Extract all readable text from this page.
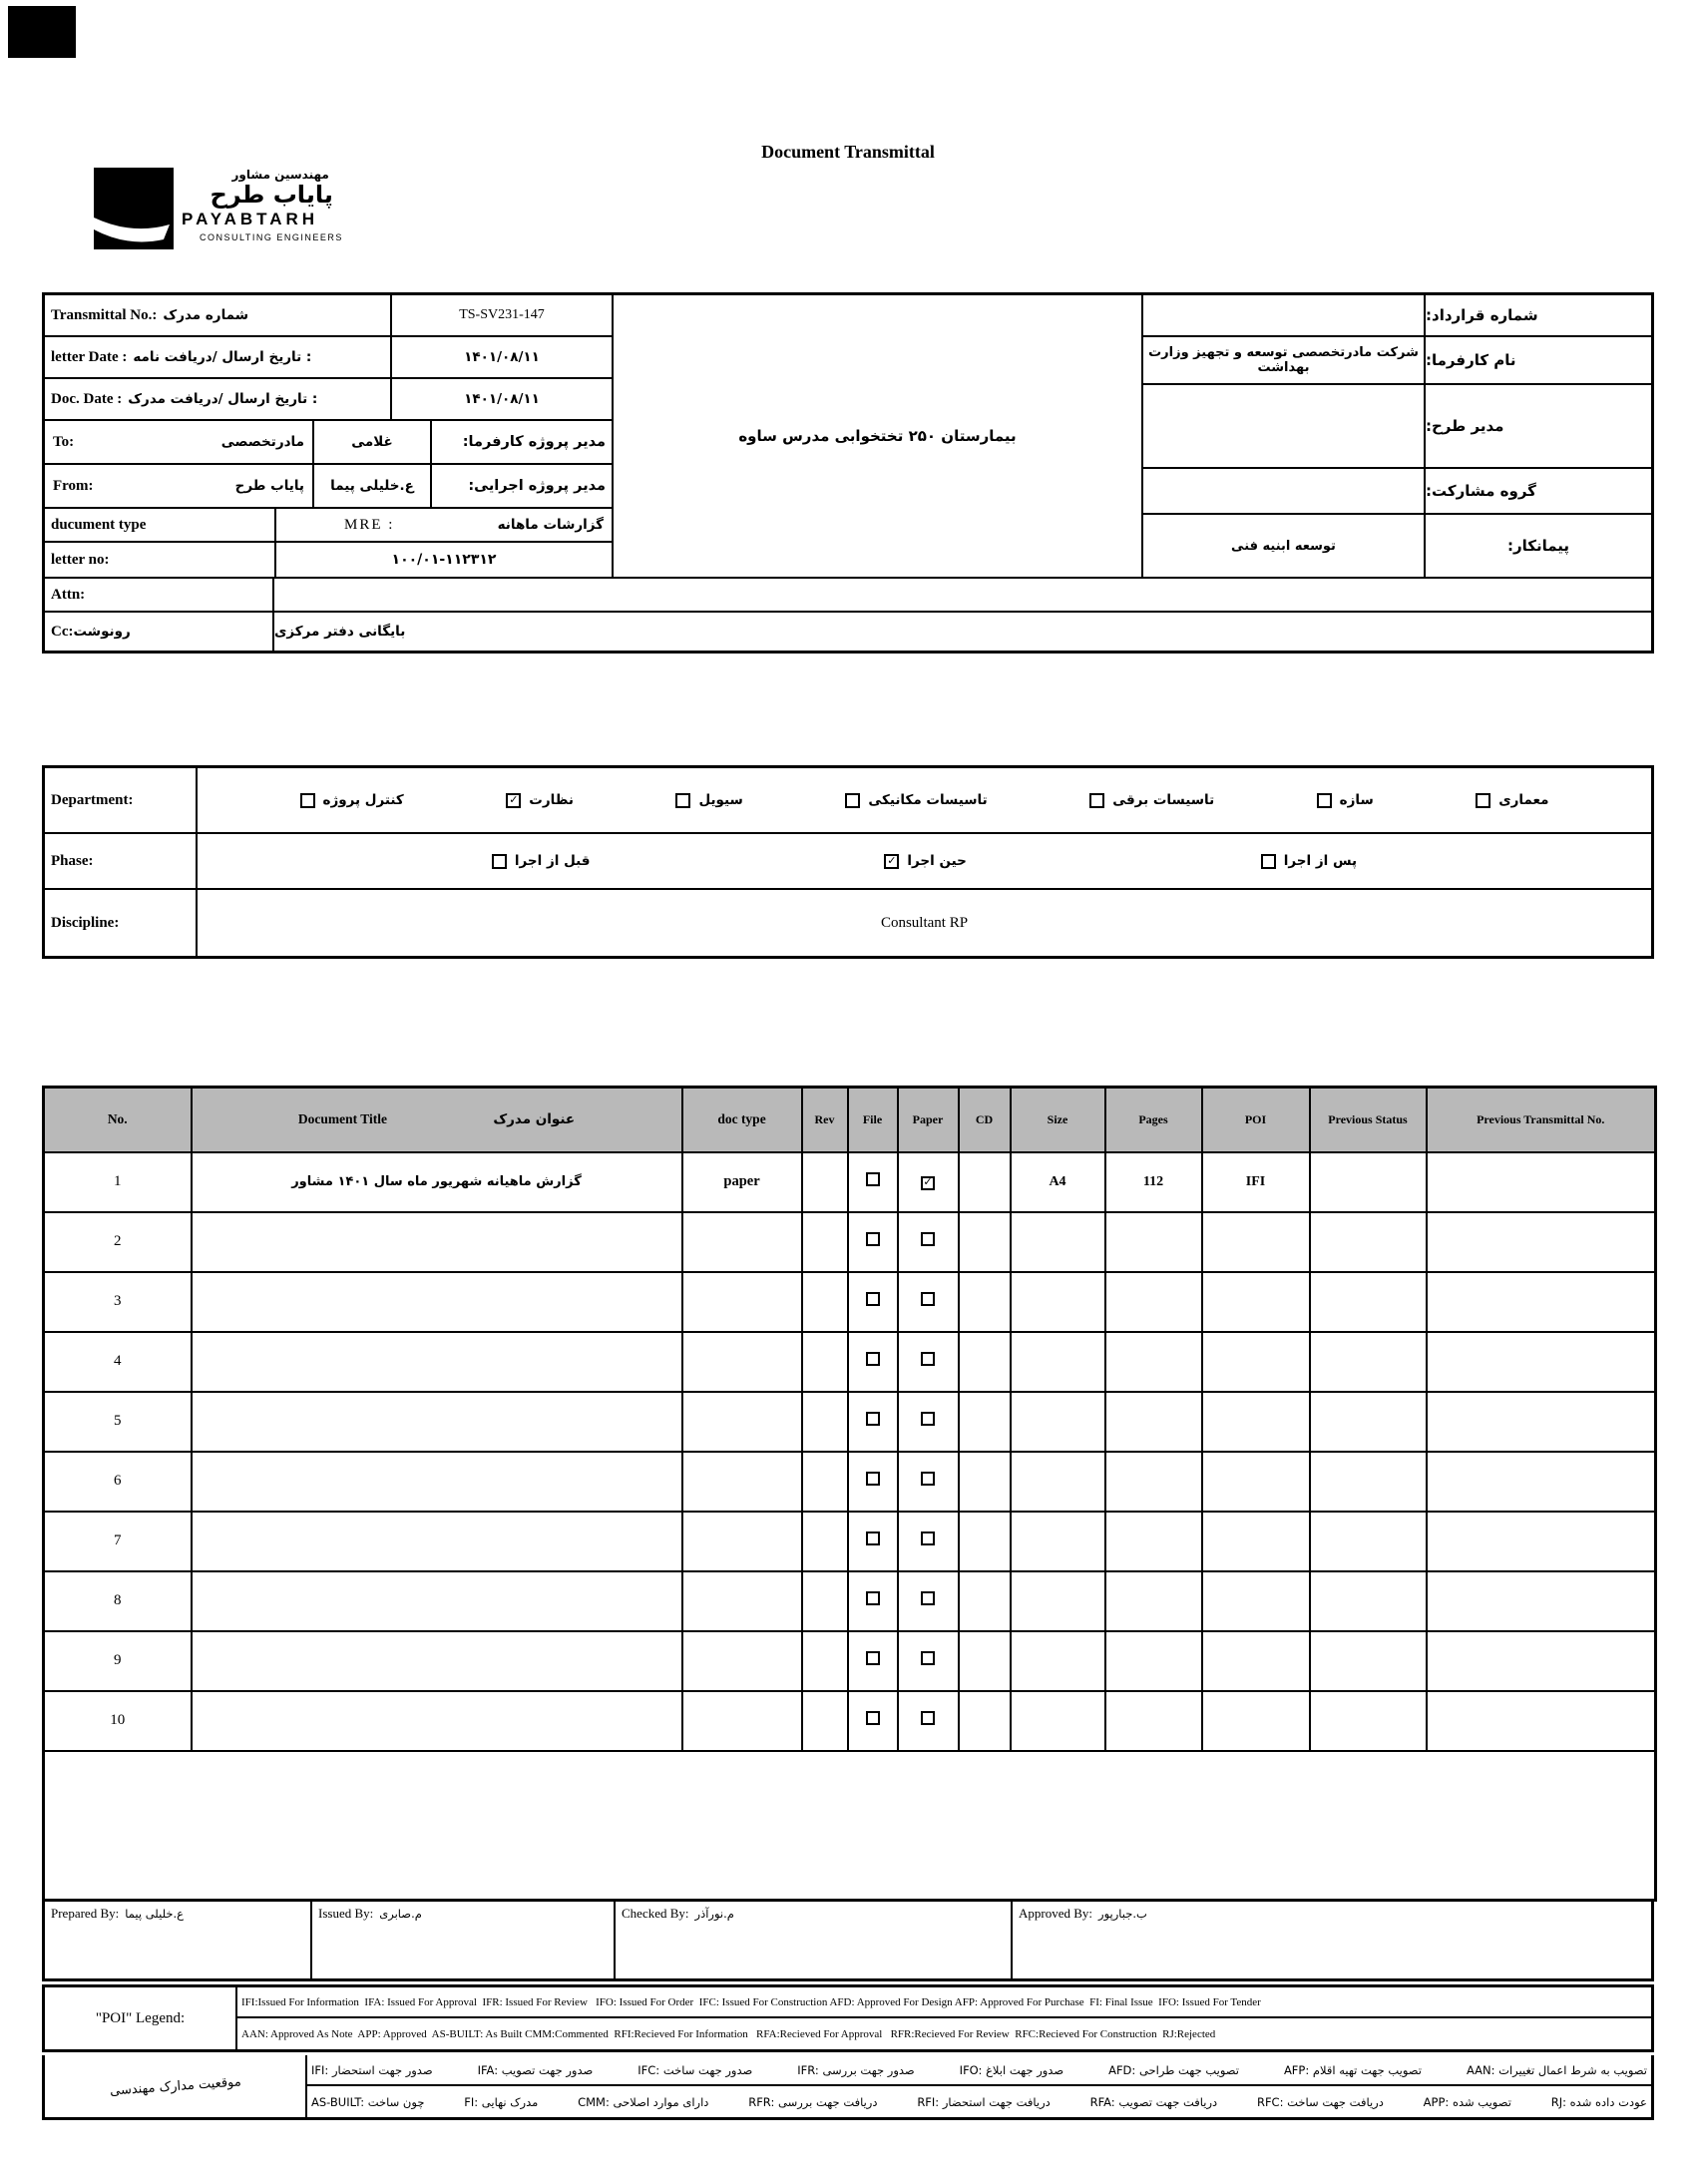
مهندسین مشاور
پایاب طرح
PAYABTARH
CONSULTING ENGINEERS
Document Transmittal
Transmittal No.: شماره مدرک	TS-SV231-147
letter Date : تاریخ ارسال /دریافت نامه :	۱۴۰۱/۰۸/۱۱
Doc. Date : تاریخ ارسال /دریافت مدرک :	۱۴۰۱/۰۸/۱۱
To:	مادرتخصصی	غلامی	مدیر پروژه کارفرما:
From:	پایاب طرح	ع.خلیلی پیما	مدیر پروژه اجرایی:
ducument type	MRE :	گزارشات ماهانه
letter no:	۱۰۰/۰۱-۱۱۲۳۱۲
بیمارستان ۲۵۰ تختخوابی مدرس ساوه
شماره قرارداد:
شرکت مادرتخصصی توسعه و تجهیز وزارت بهداشت	نام کارفرما:
مدیر طرح:
گروه مشارکت:
توسعه ابنیه فنی	پیمانکار:
Attn:
Cc: رونوشت	بایگانی دفتر مرکزی
Department:	معماری
سازه
تاسیسات برقی
تاسیسات مکانیکی
سیویل
نظارت
✓
کنترل پروژه
Phase:	پس از اجرا
حین اجرا
✓
قبل از اجرا
Discipline:	Consultant RP
No.	Document Title عنوان مدرک	doc type	Rev	File	Paper	CD	Size	Pages	POI	Previous Status	Previous Transmittal No.
1	گزارش ماهیانه شهریور ماه سال ۱۴۰۱ مشاور	paper			✓		A4	112	IFI		
2											
3											
4											
5											
6											
7											
8											
9											
10											

Prepared By: ع.خلیلی پیما	Issued By: م.صابری	Checked By: م.نورآذر	Approved By: ب.جبارپور
"POI" Legend:
IFI:Issued For Information  IFA: Issued For Approval  IFR: Issued For Review   IFO: Issued For Order  IFC: Issued For Construction AFD: Approved For Design AFP: Approved For Purchase  FI: Final Issue  IFO: Issued For Tender
AAN: Approved As Note  APP: Approved  AS-BUILT: As Built CMM:Commented  RFI:Recieved For Information   RFA:Recieved For Approval   RFR:Recieved For Review  RFC:Recieved For Construction  RJ:Rejected
موقعیت مدارک مهندسی
IFI: صدور جهت استحضار	IFA: صدور جهت تصویب	IFC: صدور جهت ساخت	IFR: صدور جهت بررسی	IFO: صدور جهت ابلاغ	AFD: تصویب جهت طراحی	AFP: تصویب جهت تهیه اقلام	AAN: تصویب به شرط اعمال تغییرات
AS-BUILT: چون ساخت	FI: مدرک نهایی	CMM: دارای موارد اصلاحی	RFR: دریافت جهت بررسی	RFI: دریافت جهت استحضار	RFA: دریافت جهت تصویب	RFC: دریافت جهت ساخت	APP: تصویب شده	RJ: عودت داده شده
